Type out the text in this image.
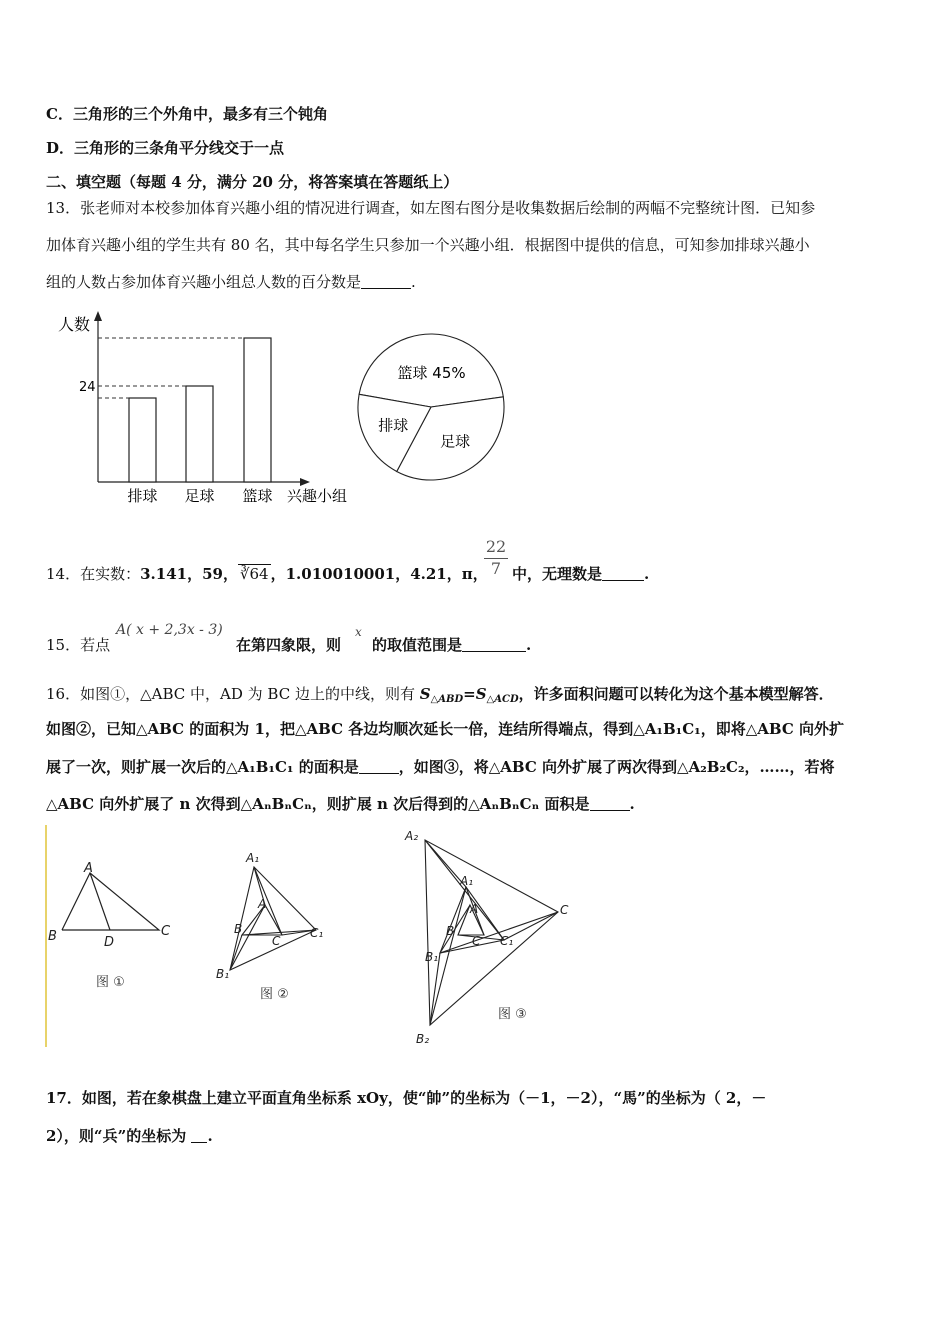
C．三角形的三个外角中，最多有三个钝角
D．三角形的三条角平分线交于一点
二、填空题（每题 4 分，满分 20 分，将答案填在答题纸上）
13．张老师对本校参加体育兴趣小组的情况进行调查，如左图右图分是收集数据后绘制的两幅不完整统计图．已知参
加体育兴趣小组的学生共有 80 名，其中每名学生只参加一个兴趣小组．根据图中提供的信息，可知参加排球兴趣小
组的人数占参加体育兴趣小组总人数的百分数是	.
人数
兴趣小组
24
排球 足球 篮球
篮球 45%
足球
排球
14．在实数：3.141，59， ∛64 ，1.010010001，4.21，π，
$\frac{22}{7}$ 中，无理数是	.
15．若点
A( x + 2,3x - 3)
在第四象限，则
x
的取值范围是	.
16．如图①，△ABC 中，AD 为 BC 边上的中线，则有 $S_{\triangle ABD}=S_{\triangle ACD}$，许多面积问题可以转化为这个基本模型解答．
如图②，已知△ABC 的面积为 1，把△ABC 各边均顺次延长一倍，连结所得端点，得到△A₁B₁C₁，即将△ABC 向外扩
展了一次，则扩展一次后的△A₁B₁C₁ 的面积是	，如图③，将△ABC 向外扩展了两次得到△A₂B₂C₂，……，若将
△ABC 向外扩展了 n 次得到△AₙBₙCₙ，则扩展 n 次后得到的△AₙBₙCₙ 面积是	.
A
B	C
D
图 ①
A₁
A
B
C
C₁
B₁
图 ②
A₂
A₁
A
B
C C₁
C
B₁
B₂
图 ③
17．如图，若在象棋盘上建立平面直角坐标系 xOy，使“帥”的坐标为（－1，－2），“馬”的坐标为（ 2，－
2），则“兵”的坐标为 .
